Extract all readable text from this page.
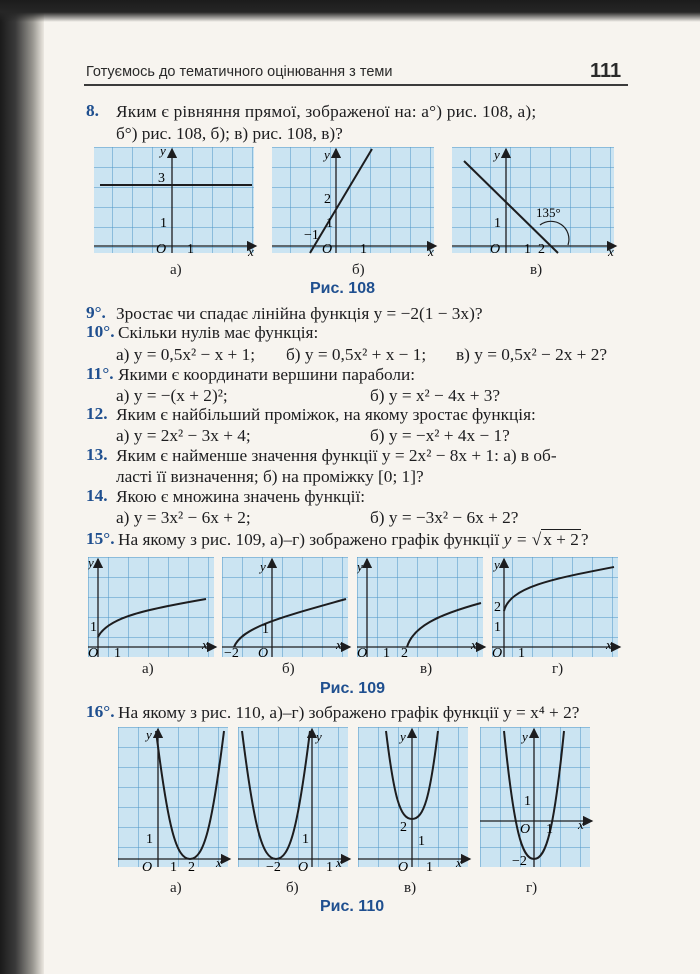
Готуємось до тематичного оцінювання з теми	111
8. Яким є рівняння прямої, зображеної на: а°) рис. 108, а);
б°) рис. 108, б); в) рис. 108, в)?
y
x
3
1
O 1
а)
y
x
2
1
−1
O 1
б)
y
x
1
135°
O 1 2
в)
Рис. 108
9°. Зростає чи спадає лінійна функція y = −2(1 − 3x)?
10°. Скільки нулів має функція:
а) y = 0,5x² − x + 1; б) y = 0,5x² + x − 1; в) y = 0,5x² − 2x + 2?
11°. Якими є координати вершини параболи:
а) y = −(x + 2)²;	б) y = x² − 4x + 3?
12. Яким є найбільший проміжок, на якому зростає функція:
а) y = 2x² − 3x + 4;	б) y = −x² + 4x − 1?
13. Яким є найменше значення функції y = 2x² − 8x + 1: а) в об-
ласті її визначення; б) на проміжку [0; 1]?
14. Якою є множина значень функції:
а) y = 3x² − 6x + 2;	б) y = −3x² − 6x + 2?
15°. На якому з рис. 109, а)–г) зображено графік функції y = √ x + 2 ?
y
x
1
O 1
а)
y
x
1
−2 O
б)
y
x
O 1 2
в)
y
x
2
1
O 1
г)
Рис. 109
16°. На якому з рис. 110, а)–г) зображено графік функції y = x⁴ + 2?
y
x
1
O 1 2
а)
y
x
1
−2 O 1
б)
y
x
2
1
O 1
в)
y
x
1
−2
O 1
г)
Рис. 110
